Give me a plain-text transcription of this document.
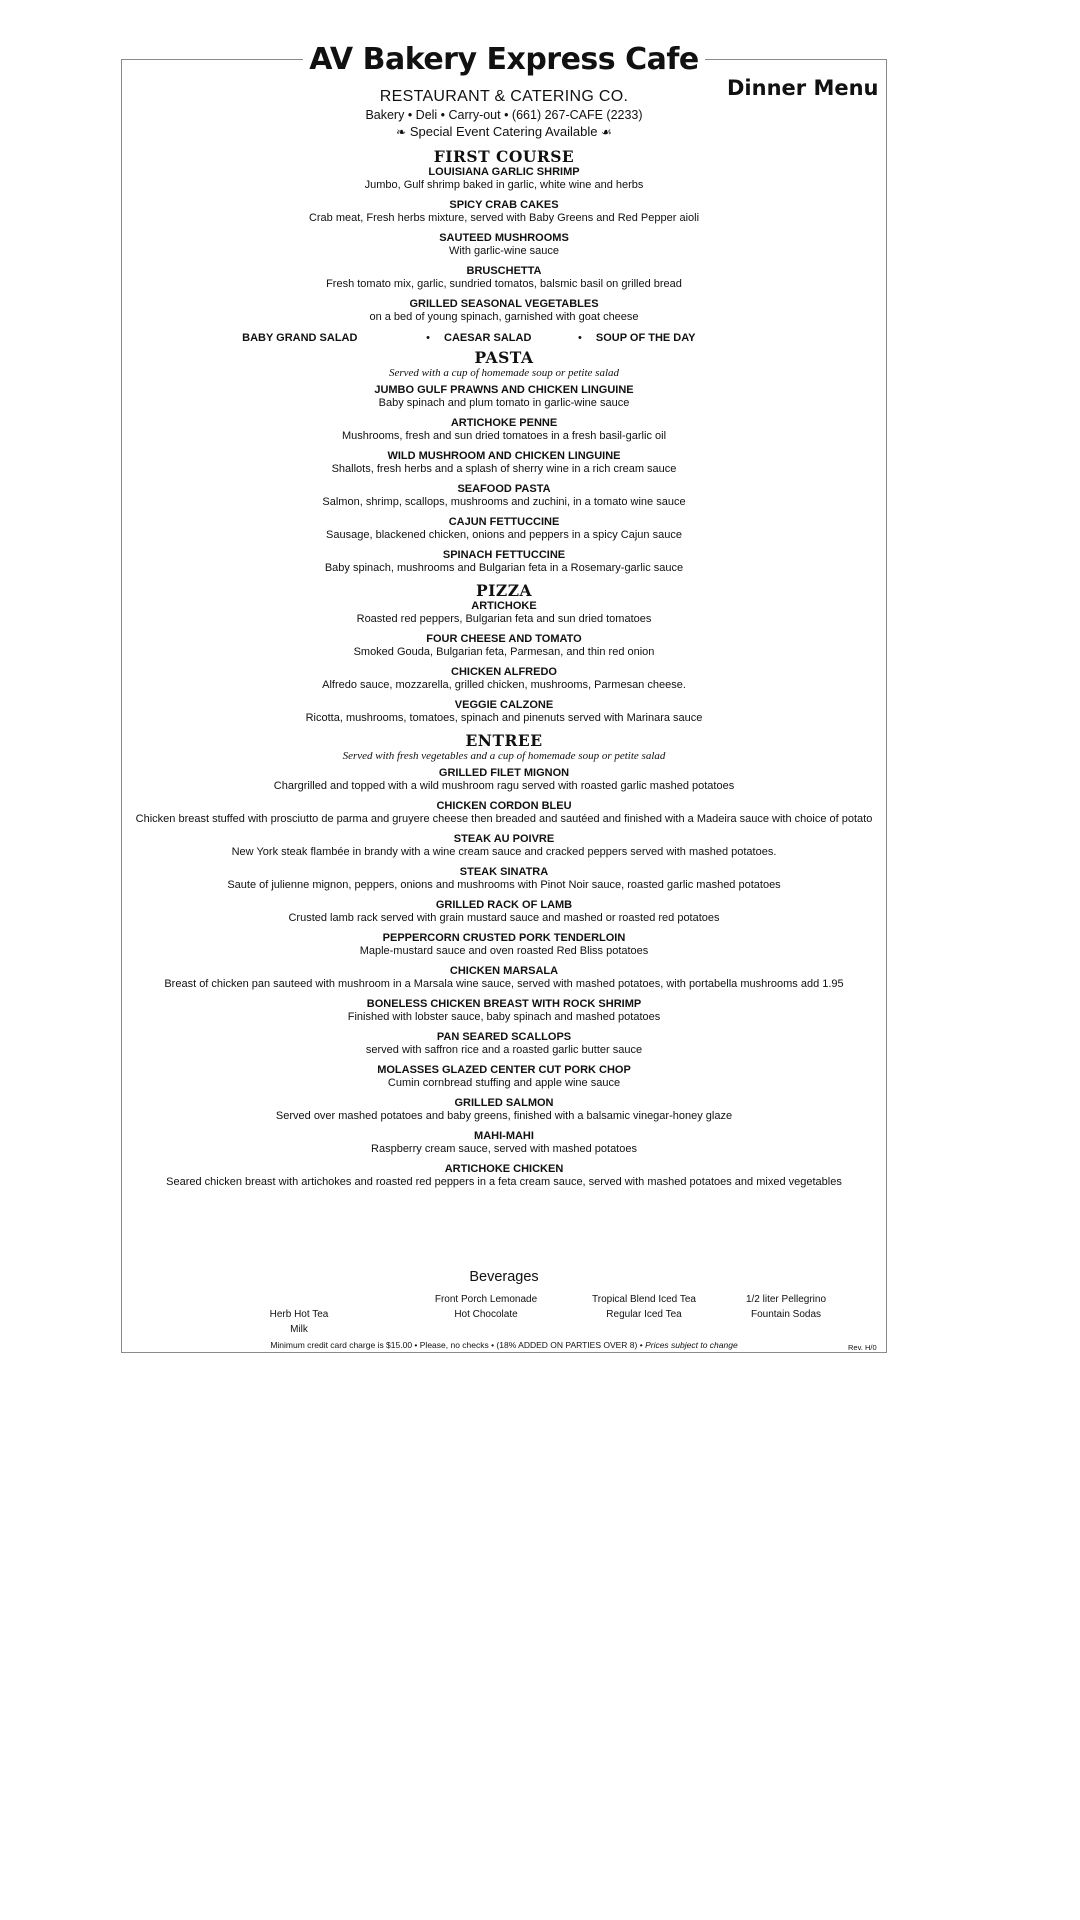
AV Bakery Express Cafe
Dinner Menu
RESTAURANT & CATERING CO.
Bakery • Deli • Carry-out • (661) 267-CAFE (2233)
❧ Special Event Catering Available ☙
FIRST COURSE
LOUISIANA GARLIC SHRIMP
Jumbo, Gulf shrimp baked in garlic, white wine and herbs
SPICY CRAB CAKES
Crab meat, Fresh herbs mixture, served with Baby Greens and Red Pepper aioli
SAUTEED MUSHROOMS
With garlic-wine sauce
BRUSCHETTA
Fresh tomato mix, garlic, sundried tomatos, balsmic basil on grilled bread
GRILLED SEASONAL VEGETABLES
on a bed of young spinach, garnished with goat cheese
BABY GRAND SALAD	•	CAESAR SALAD	•	SOUP OF THE DAY
PASTA
Served with a cup of homemade soup or petite salad
JUMBO GULF PRAWNS AND CHICKEN LINGUINE
Baby spinach and plum tomato in garlic-wine sauce
ARTICHOKE PENNE
Mushrooms, fresh and sun dried tomatoes in a fresh basil-garlic oil
WILD MUSHROOM AND CHICKEN LINGUINE
Shallots, fresh herbs and a splash of sherry wine in a rich cream sauce
SEAFOOD PASTA
Salmon, shrimp, scallops, mushrooms and zuchini, in a tomato wine sauce
CAJUN FETTUCCINE
Sausage, blackened chicken, onions and peppers in a spicy Cajun sauce
SPINACH FETTUCCINE
Baby spinach, mushrooms and Bulgarian feta in a Rosemary-garlic sauce
PIZZA
ARTICHOKE
Roasted red peppers, Bulgarian feta and sun dried tomatoes
FOUR CHEESE AND TOMATO
Smoked Gouda, Bulgarian feta, Parmesan, and thin red onion
CHICKEN ALFREDO
Alfredo sauce, mozzarella, grilled chicken, mushrooms, Parmesan cheese.
VEGGIE CALZONE
Ricotta, mushrooms, tomatoes, spinach and pinenuts served with Marinara sauce
ENTREE
Served with fresh vegetables and a cup of homemade soup or petite salad
GRILLED FILET MIGNON
Chargrilled and topped with a wild mushroom ragu served with roasted garlic mashed potatoes
CHICKEN CORDON BLEU
Chicken breast stuffed with prosciutto de parma and gruyere cheese then breaded and sautéed and finished with a Madeira sauce with choice of potato
STEAK AU POIVRE
New York steak flambée in brandy with a wine cream sauce and cracked peppers served with mashed potatoes.
STEAK SINATRA
Saute of julienne mignon, peppers, onions and mushrooms with Pinot Noir sauce, roasted garlic mashed potatoes
GRILLED RACK OF LAMB
Crusted lamb rack served with grain mustard sauce and mashed or roasted red potatoes
PEPPERCORN CRUSTED PORK TENDERLOIN
Maple-mustard sauce and oven roasted Red Bliss potatoes
CHICKEN MARSALA
Breast of chicken pan sauteed with mushroom in a Marsala wine sauce, served with mashed potatoes, with portabella mushrooms add 1.95
BONELESS CHICKEN BREAST WITH ROCK SHRIMP
Finished with lobster sauce, baby spinach and mashed potatoes
PAN SEARED SCALLOPS
served with saffron rice and a roasted garlic butter sauce
MOLASSES GLAZED CENTER CUT PORK CHOP
Cumin cornbread stuffing and apple wine sauce
GRILLED SALMON
Served over mashed potatoes and baby greens, finished with a balsamic vinegar-honey glaze
MAHI-MAHI
Raspberry cream sauce, served with mashed potatoes
ARTICHOKE CHICKEN
Seared chicken breast with artichokes and roasted red peppers in a feta cream sauce, served with mashed potatoes and mixed vegetables
Beverages
Herb Hot Tea
Milk
Front Porch Lemonade
Hot Chocolate
Tropical Blend Iced Tea
Regular Iced Tea
1/2 liter Pellegrino
Fountain Sodas
Minimum credit card charge is $15.00 • Please, no checks • (18% ADDED ON PARTIES OVER 8) • Prices subject to change	Rev. H/0
